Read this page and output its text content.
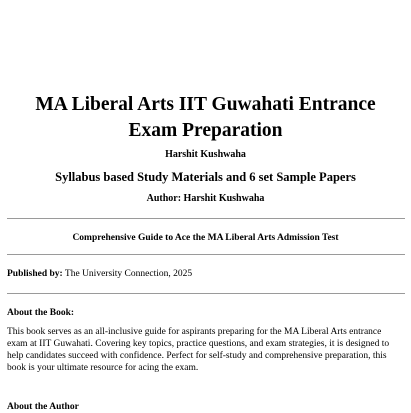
MA Liberal Arts IIT Guwahati Entrance
Exam Preparation

Harshit Kushwaha

Syllabus based Study Materials and 6 set Sample Papers

Author: Harshit Kushwaha

Comprehensive Guide to Ace the MA Liberal Arts Admission Test

Published by: The University Connection, 2025

About the Book:

This book serves as an all-inclusive guide for aspirants preparing for the MA Liberal Arts entrance
exam at IIT Guwahati. Covering key topics, practice questions, and exam strategies, it is designed to
help candidates succeed with confidence. Perfect for self-study and comprehensive preparation, this
book is your ultimate resource for acing the exam.

About the Author
